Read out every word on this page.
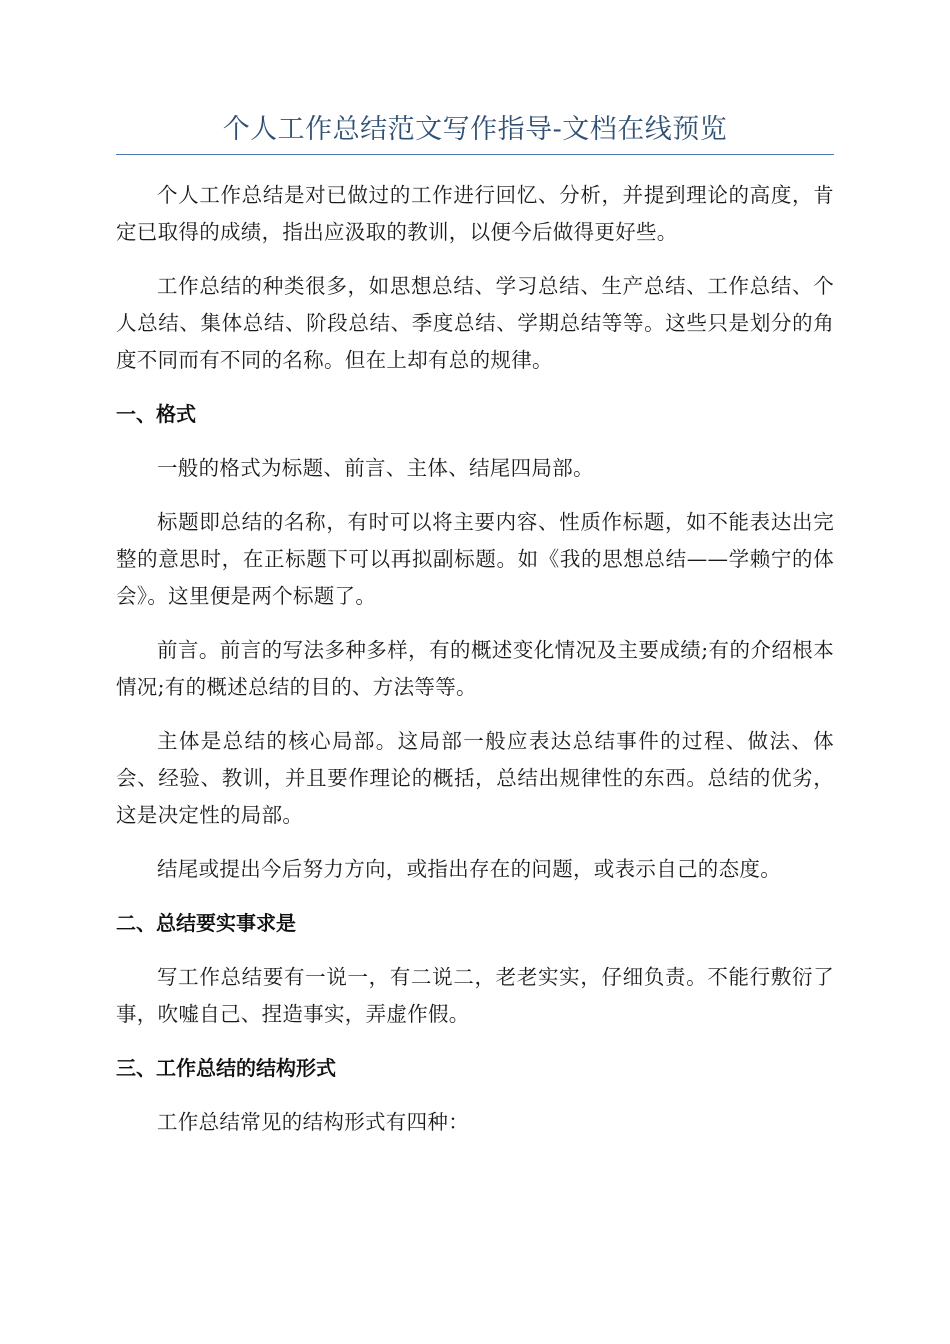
个人工作总结范文写作指导-文档在线预览

个人工作总结是对已做过的工作进行回忆、分析，并提到理论的高度，肯定已取得的成绩，指出应汲取的教训，以便今后做得更好些。

工作总结的种类很多，如思想总结、学习总结、生产总结、工作总结、个人总结、集体总结、阶段总结、季度总结、学期总结等等。这些只是划分的角度不同而有不同的名称。但在上却有总的规律。

一、格式

一般的格式为标题、前言、主体、结尾四局部。

标题即总结的名称，有时可以将主要内容、性质作标题，如不能表达出完整的意思时，在正标题下可以再拟副标题。如《我的思想总结——学赖宁的体会》。这里便是两个标题了。

前言。前言的写法多种多样，有的概述变化情况及主要成绩;有的介绍根本情况;有的概述总结的目的、方法等等。

主体是总结的核心局部。这局部一般应表达总结事件的过程、做法、体会、经验、教训，并且要作理论的概括，总结出规律性的东西。总结的优劣，这是决定性的局部。

结尾或提出今后努力方向，或指出存在的问题，或表示自己的态度。

二、总结要实事求是

写工作总结要有一说一，有二说二，老老实实，仔细负责。不能行敷衍了事，吹嘘自己、捏造事实，弄虚作假。

三、工作总结的结构形式

工作总结常见的结构形式有四种：
